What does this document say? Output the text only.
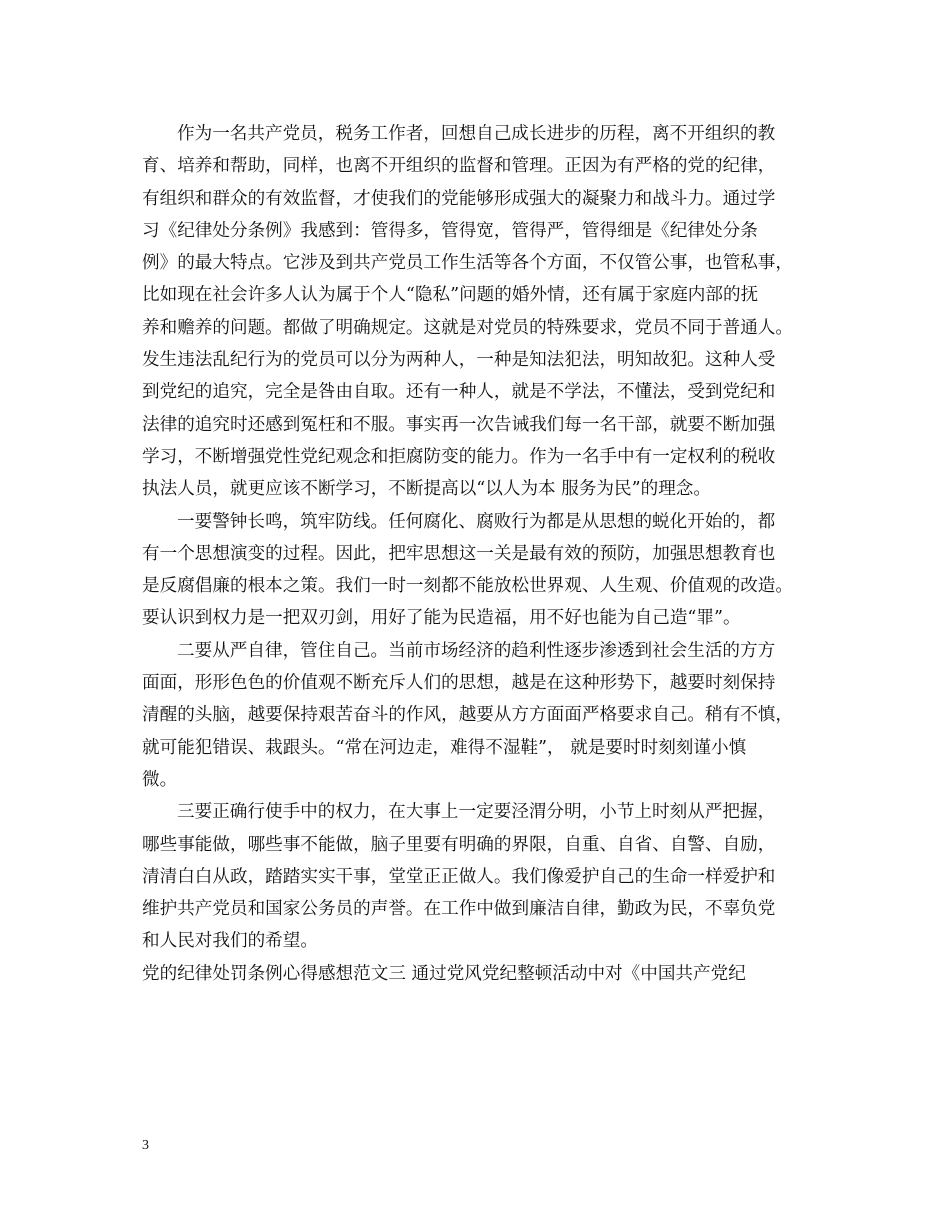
作为一名共产党员，税务工作者，回想自己成长进步的历程，离不开组织的教
育、培养和帮助，同样，也离不开组织的监督和管理。正因为有严格的党的纪律，
有组织和群众的有效监督，才使我们的党能够形成强大的凝聚力和战斗力。通过学
习《纪律处分条例》我感到：管得多，管得宽，管得严，管得细是《纪律处分条
例》的最大特点。它涉及到共产党员工作生活等各个方面，不仅管公事，也管私事，
比如现在社会许多人认为属于个人“隐私”问题的婚外情，还有属于家庭内部的抚
养和赡养的问题。都做了明确规定。这就是对党员的特殊要求，党员不同于普通人。
发生违法乱纪行为的党员可以分为两种人，一种是知法犯法，明知故犯。这种人受
到党纪的追究，完全是咎由自取。还有一种人，就是不学法，不懂法，受到党纪和
法律的追究时还感到冤枉和不服。事实再一次告诫我们每一名干部，就要不断加强
学习，不断增强党性党纪观念和拒腐防变的能力。作为一名手中有一定权利的税收
执法人员，就更应该不断学习，不断提高以“以人为本 服务为民”的理念。
一要警钟长鸣，筑牢防线。任何腐化、腐败行为都是从思想的蜕化开始的，都
有一个思想演变的过程。因此，把牢思想这一关是最有效的预防，加强思想教育也
是反腐倡廉的根本之策。我们一时一刻都不能放松世界观、人生观、价值观的改造。
要认识到权力是一把双刃剑，用好了能为民造福，用不好也能为自己造“罪”。
二要从严自律，管住自己。当前市场经济的趋利性逐步渗透到社会生活的方方
面面，形形色色的价值观不断充斥人们的思想，越是在这种形势下，越要时刻保持
清醒的头脑，越要保持艰苦奋斗的作风，越要从方方面面严格要求自己。稍有不慎，
就可能犯错误、栽跟头。“常在河边走，难得不湿鞋”， 就是要时时刻刻谨小慎
微。
三要正确行使手中的权力，在大事上一定要泾渭分明，小节上时刻从严把握，
哪些事能做，哪些事不能做，脑子里要有明确的界限，自重、自省、自警、自励，
清清白白从政，踏踏实实干事，堂堂正正做人。我们像爱护自己的生命一样爱护和
维护共产党员和国家公务员的声誉。在工作中做到廉洁自律，勤政为民，不辜负党
和人民对我们的希望。
党的纪律处罚条例心得感想范文三 通过党风党纪整顿活动中对《中国共产党纪
3
